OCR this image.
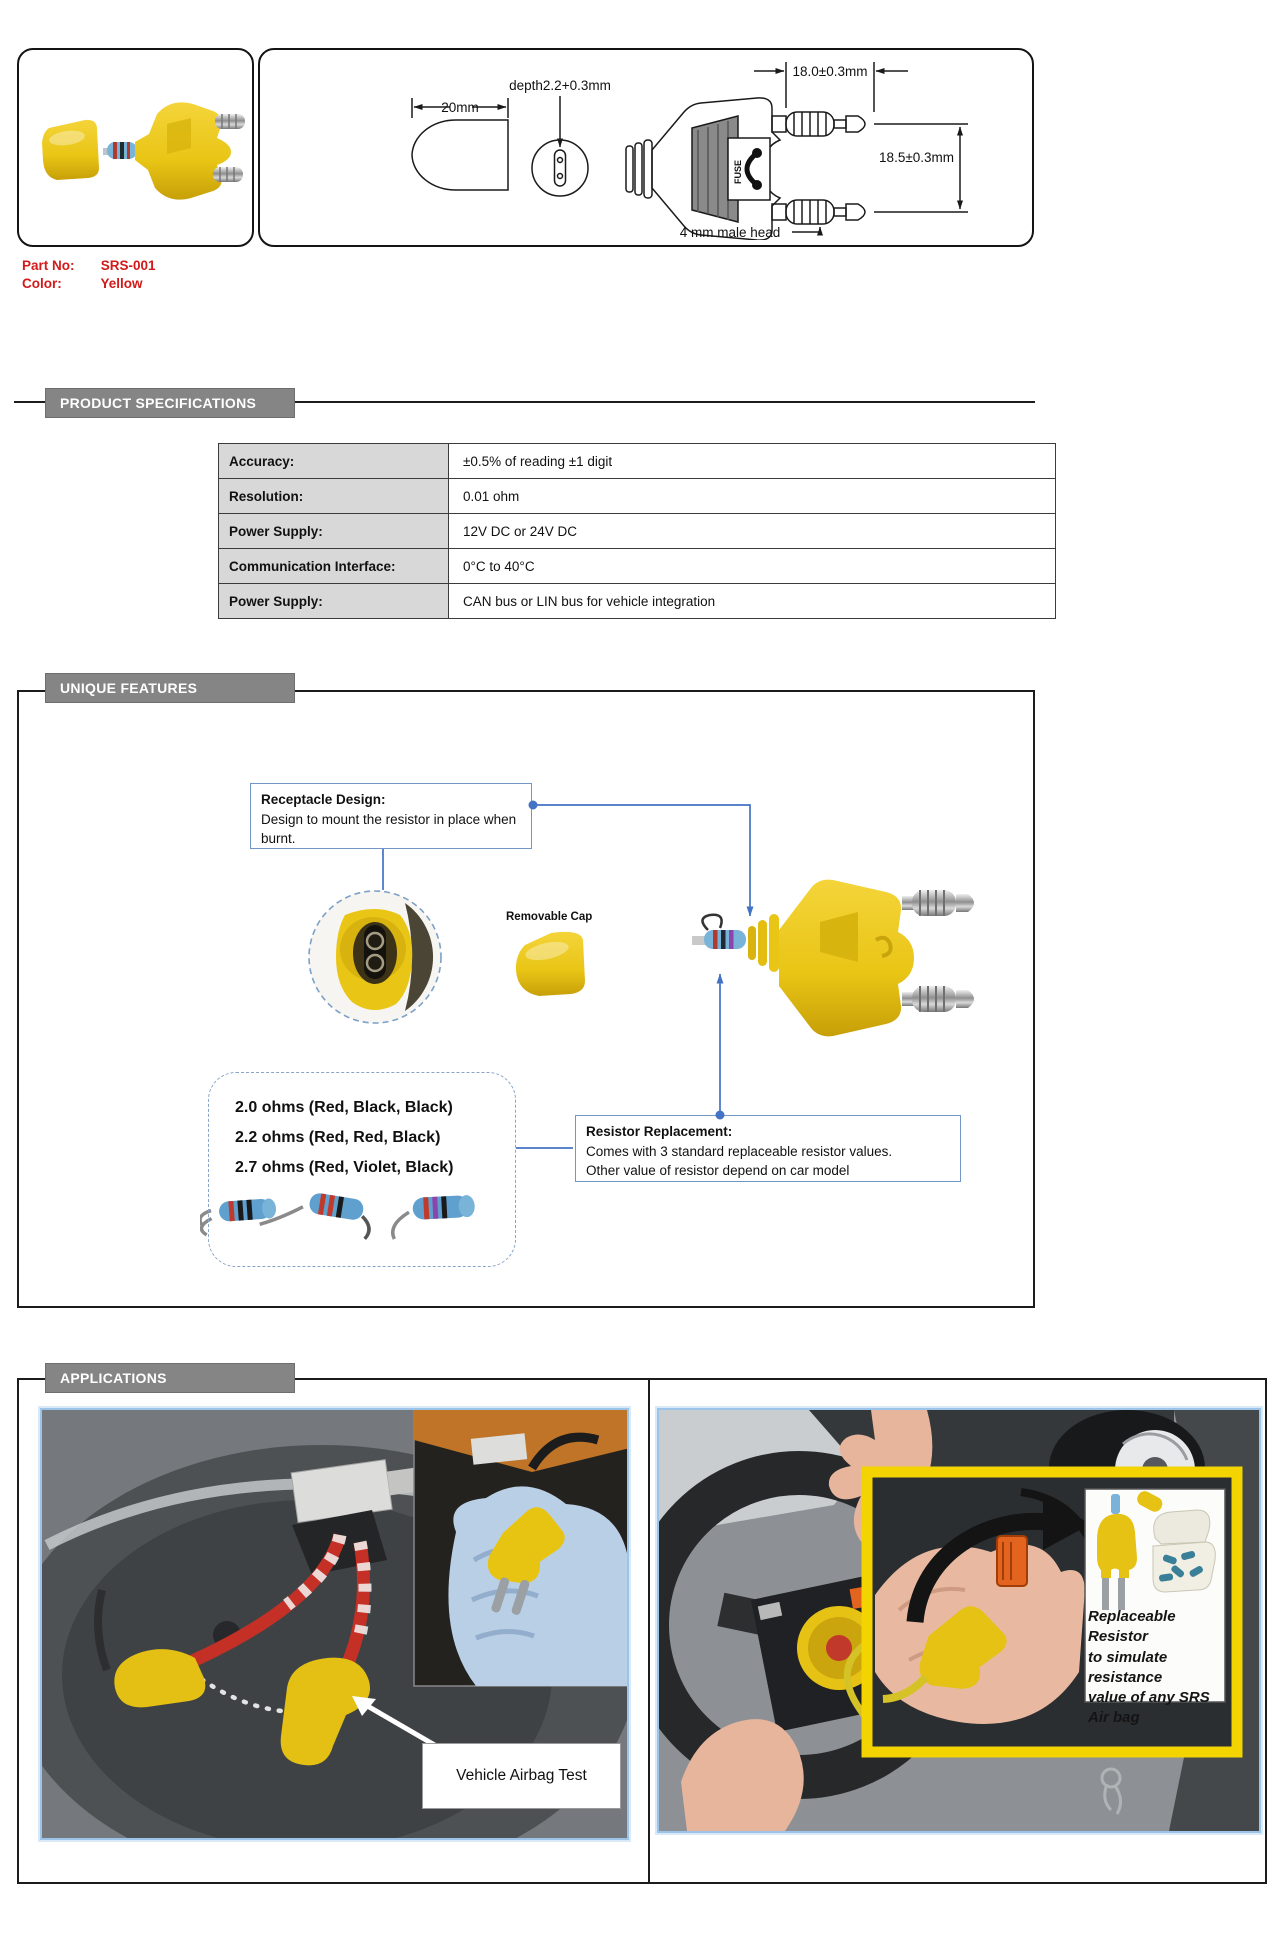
20mm
depth2.2+0.3mm
18.0±0.3mm
18.5±0.3mm
4 mm male head
FUSE
Part No: SRS-001
Color:	Yellow
PRODUCT SPECIFICATIONS
Accuracy:	±0.5% of reading ±1 digit
Resolution:	0.01 ohm
Power Supply:	12V DC or 24V DC
Communication Interface:	0°C to 40°C
Power Supply:	CAN bus or LIN bus for vehicle integration
UNIQUE FEATURES
Receptacle Design:
Design to mount the resistor in place when burnt.
Removable Cap
2.0 ohms (Red, Black, Black)
2.2 ohms (Red, Red, Black)
2.7 ohms (Red, Violet, Black)
Resistor Replacement:
Comes with 3 standard replaceable resistor values.
Other value of resistor depend on car model
APPLICATIONS
Vehicle Airbag Test
Replaceable Resistor
to simulate resistance
value of any SRS
Air bag
